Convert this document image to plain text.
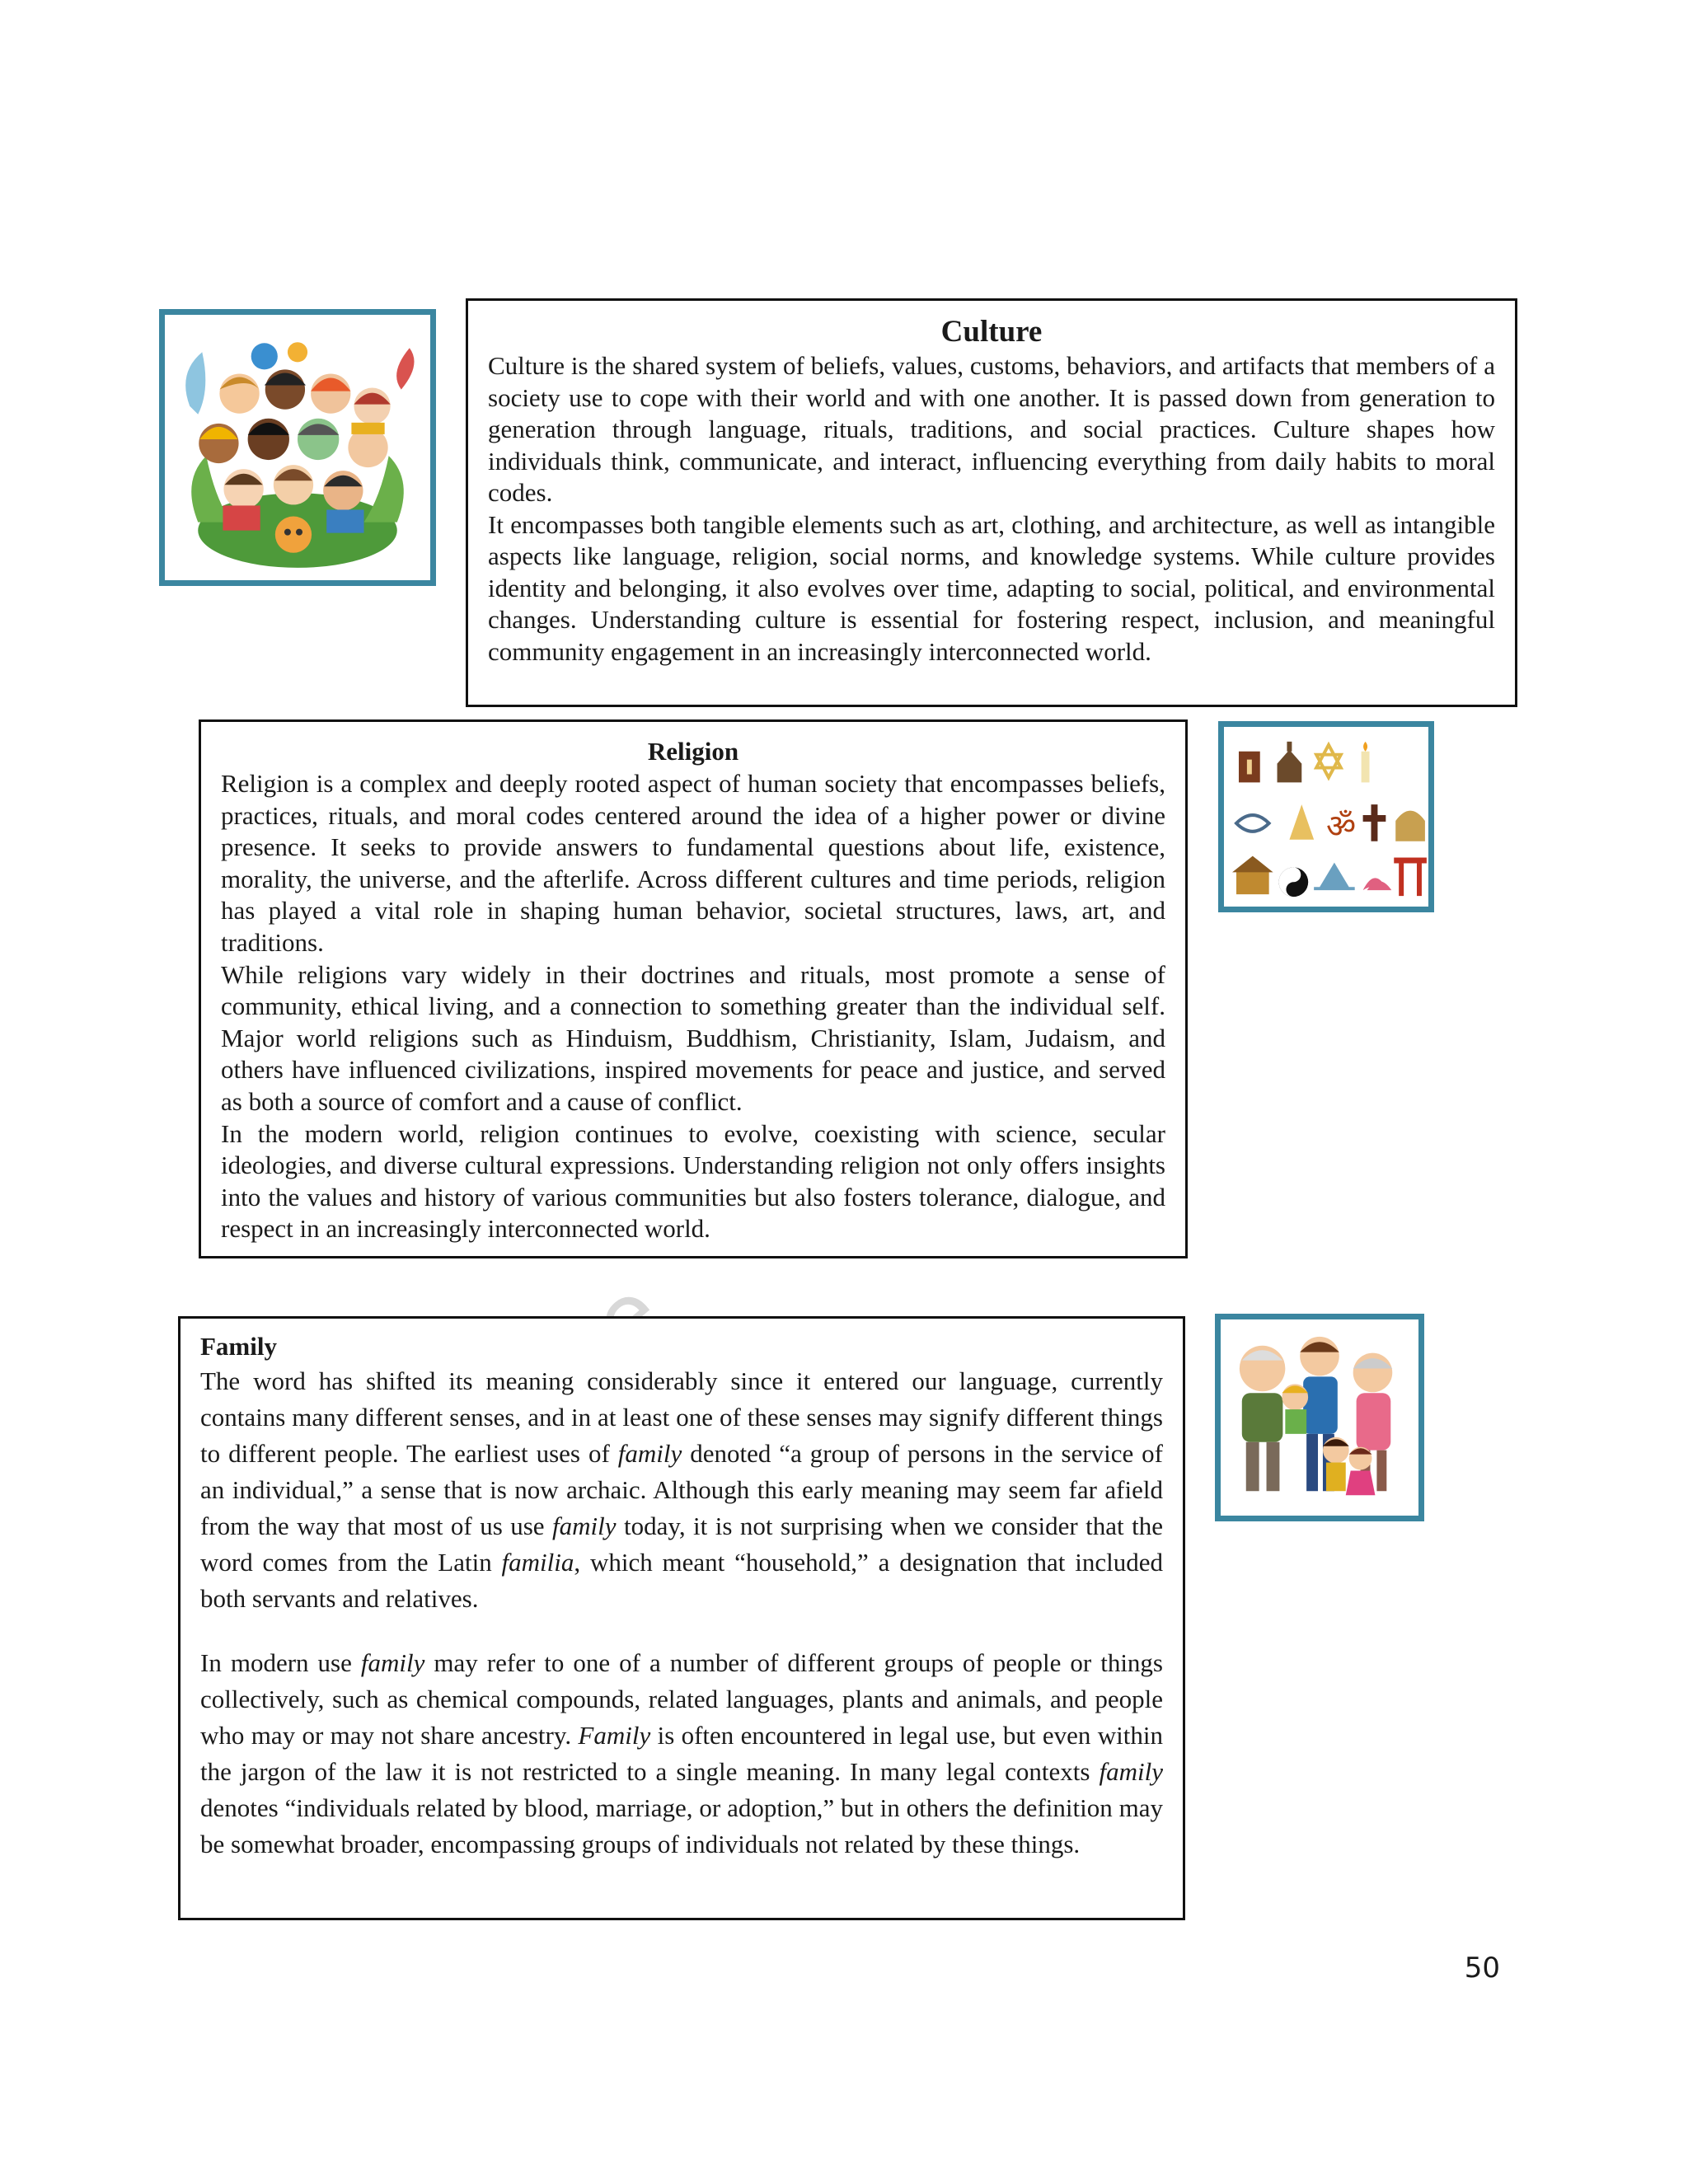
Culture

Culture is the shared system of beliefs, values, customs, behaviors, and artifacts that members of a society use to cope with their world and with one another. It is passed down from generation to generation through language, rituals, traditions, and social practices. Culture shapes how individuals think, communicate, and interact, influencing everything from daily habits to moral codes.

It encompasses both tangible elements such as art, clothing, and architecture, as well as intangible aspects like language, religion, social norms, and knowledge systems. While culture provides identity and belonging, it also evolves over time, adapting to social, political, and environmental changes. Understanding culture is essential for fostering respect, inclusion, and meaningful community engagement in an increasingly interconnected world.

Religion

Religion is a complex and deeply rooted aspect of human society that encompasses beliefs, practices, rituals, and moral codes centered around the idea of a higher power or divine presence. It seeks to provide answers to fundamental questions about life, existence, morality, the universe, and the afterlife. Across different cultures and time periods, religion has played a vital role in shaping human behavior, societal structures, laws, art, and traditions.

While religions vary widely in their doctrines and rituals, most promote a sense of community, ethical living, and a connection to something greater than the individual self. Major world religions such as Hinduism, Buddhism, Christianity, Islam, Judaism, and others have influenced civilizations, inspired movements for peace and justice, and served as both a source of comfort and a cause of conflict.

In the modern world, religion continues to evolve, coexisting with science, secular ideologies, and diverse cultural expressions. Understanding religion not only offers insights into the values and history of various communities but also fosters tolerance, dialogue, and respect in an increasingly interconnected world.

ॐ
Family

The word has shifted its meaning considerably since it entered our language, currently contains many different senses, and in at least one of these senses may signify different things to different people. The earliest uses of family denoted “a group of persons in the service of an individual,” a sense that is now archaic. Although this early meaning may seem far afield from the way that most of us use family today, it is not surprising when we consider that the word comes from the Latin familia, which meant “household,” a designation that included both servants and relatives.

In modern use family may refer to one of a number of different groups of people or things collectively, such as chemical compounds, related languages, plants and animals, and people who may or may not share ancestry. Family is often encountered in legal use, but even within the jargon of the law it is not restricted to a single meaning. In many legal contexts family denotes “individuals related by blood, marriage, or adoption,” but in others the definition may be somewhat broader, encompassing groups of individuals not related by these things.

50
